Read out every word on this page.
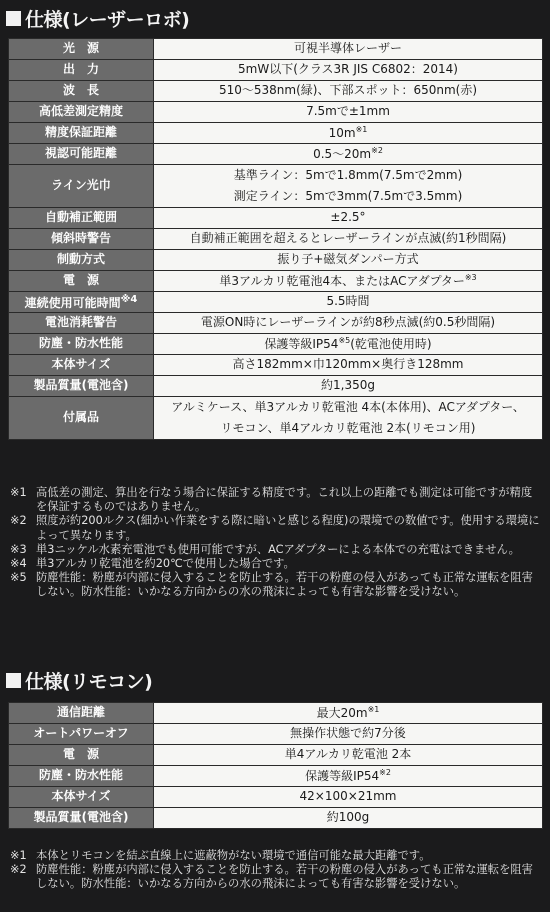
仕様(レーザーロボ)
光　源	可視半導体レーザー
出　力	5mW以下(クラス3R JIS C6802：2014)
波　長	510～538nm(緑)、下部スポット：650nm(赤)
高低差測定精度	7.5mで±1mm
精度保証距離	$10m^{※1}$
視認可能距離	$0.5\sim 20m^{※2}$
ライン光巾	基準ライン：5mで1.8mm(7.5mで2mm)
測定ライン：5mで3mm(7.5mで3.5mm)

自動補正範囲	±2.5°
傾斜時警告	自動補正範囲を超えるとレーザーラインが点滅(約1秒間隔)
制動方式	振り子+磁気ダンパー方式
電　源	単3アルカリ乾電池4本、またはACアダプター$^{※3}$
連続使用可能時間$^{※4}$	5.5時間
電池消耗警告	電源ON時にレーザーラインが約8秒点滅(約0.5秒間隔)
防塵・防水性能	保護等級IP54$^{※5}$(乾電池使用時)
本体サイズ	高さ182mm×巾120mm×奥行き128mm
製品質量(電池含)	約1,350g
付属品	アルミケース、単3アルカリ乾電池 4本(本体用)、ACアダプター、
リモコン、単4アルカリ乾電池 2本(リモコン用)
※1 高低差の測定、算出を行なう場合に保証する精度です。これ以上の距離でも測定は可能ですが精度を保証するものではありません。
※2 照度が約200ルクス(細かい作業をする際に暗いと感じる程度)の環境での数値です。使用する環境によって異なります。
※3 単3ニッケル水素充電池でも使用可能ですが、ACアダプターによる本体での充電はできません。
※4 単3アルカリ乾電池を約20℃で使用した場合です。
※5 防塵性能：粉塵が内部に侵入することを防止する。若干の粉塵の侵入があっても正常な運転を阻害しない。防水性能：いかなる方向からの水の飛沫によっても有害な影響を受けない。
仕様(リモコン)
通信距離	最大$20m^{※1}$
オートパワーオフ	無操作状態で約7分後
電　源	単4アルカリ乾電池 2本
防塵・防水性能	保護等級IP54$^{※2}$
本体サイズ	42×100×21mm
製品質量(電池含)	約100g
※1 本体とリモコンを結ぶ直線上に遮蔽物がない環境で通信可能な最大距離です。
※2 防塵性能：粉塵が内部に侵入することを防止する。若干の粉塵の侵入があっても正常な運転を阻害しない。防水性能：いかなる方向からの水の飛沫によっても有害な影響を受けない。
